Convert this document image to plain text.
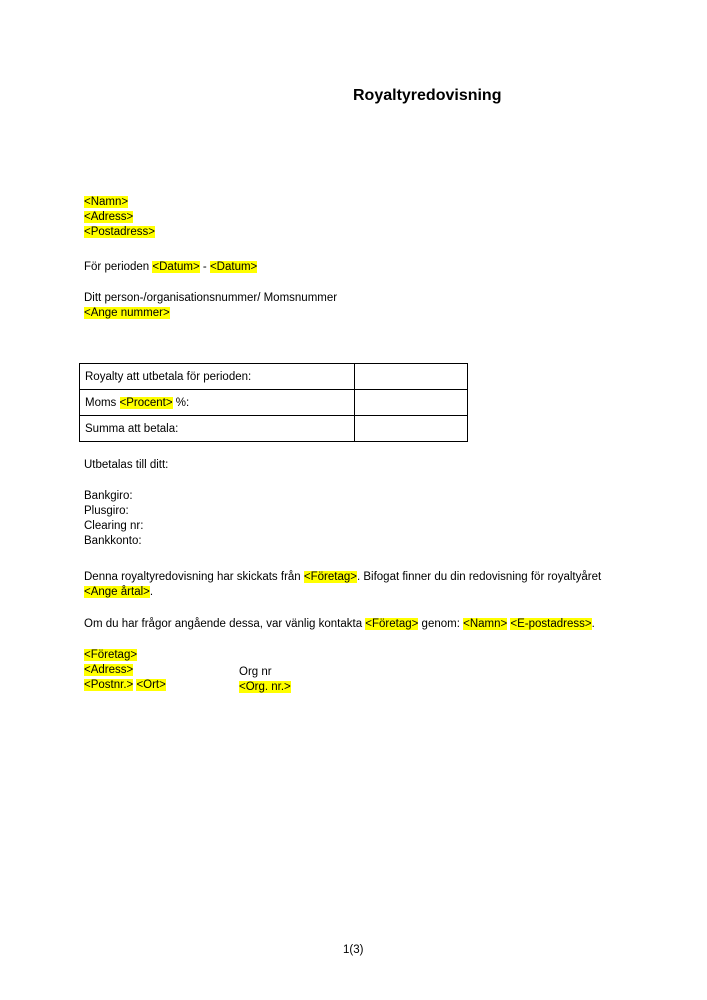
Royaltyredovisning
<Namn>
<Adress>
<Postadress>
För perioden <Datum> - <Datum>
Ditt person-/organisationsnummer/ Momsnummer
<Ange nummer>
Royalty att utbetala för perioden:	
Moms <Procent> %:	
Summa att betala:	
Utbetalas till ditt:
Bankgiro:
Plusgiro:
Clearing nr:
Bankkonto:
Denna royaltyredovisning har skickats från <Företag>. Bifogat finner du din redovisning för royaltyåret
<Ange årtal>.
Om du har frågor angående dessa, var vänlig kontakta <Företag> genom: <Namn> <E-postadress>.
<Företag>
<Adress>
<Postnr.> <Ort>
Org nr
<Org. nr.>
1(3)
